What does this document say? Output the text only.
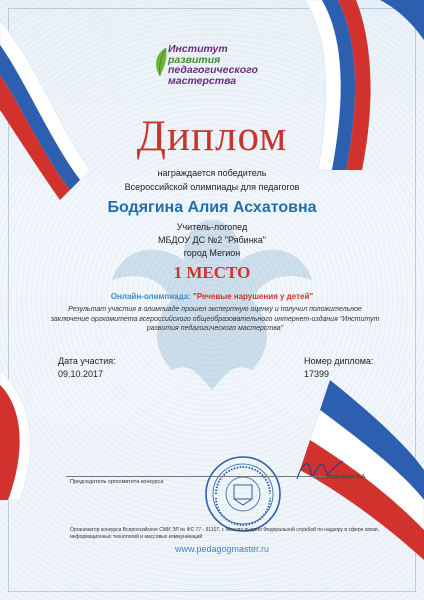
Институт
развития
педагогического
мастерства
Диплом
награждается победитель
Всероссийской олимпиады для педагогов
Бодягина Алия Асхатовна
Учитель-логопед
МБДОУ ДС №2 "Рябинка"
город Мегион
1 МЕСТО
Онлайн-олимпиада: "Речевые нарушения у детей"
Результат участия в олимпиаде прошел экспертную оценку и получил положительное заключение оргкомитета всероссийского общеобразовательного интернет-издания "Институт развития педагогического мастерства"
Дата участия:
09.10.2017
Номер диплома:
17399
Председатель оргкомитета конкурса
Медведева Е.А.
Организатор конкурса Всероссийское СМИ ЭЛ № ФС 77 - 91107, г. Москва выдано Федеральной службой по надзору в сфере связи, информационных технологий и массовых коммуникаций
www.pedagogmaster.ru
